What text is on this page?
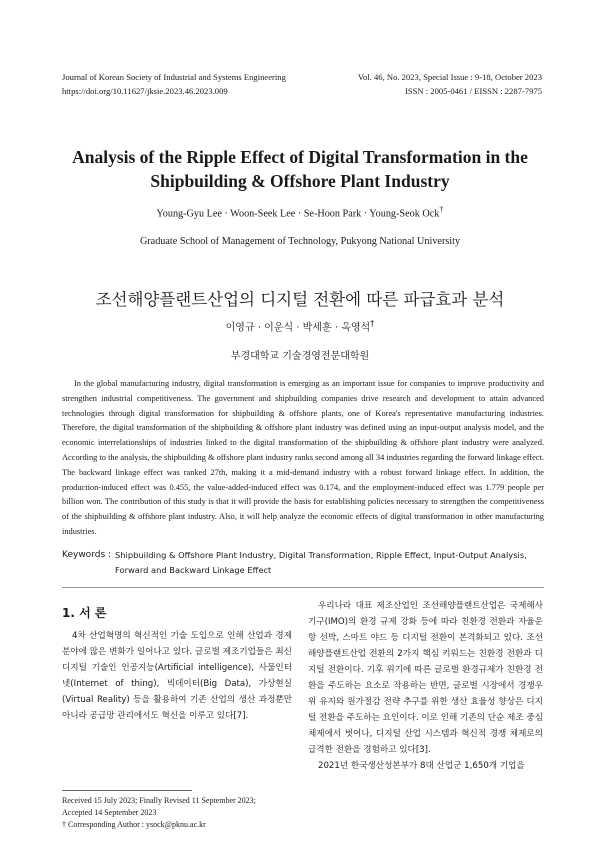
Journal of Korean Society of Industrial and Systems Engineering
https://doi.org/10.11627/jksie.2023.46.2023.009
Vol. 46, No. 2023, Special Issue : 9-18, October 2023
ISSN : 2005-0461 / EISSN : 2287-7975
Analysis of the Ripple Effect of Digital Transformation in the
Shipbuilding & Offshore Plant Industry
Young-Gyu Lee · Woon-Seek Lee · Se-Hoon Park · Young-Seok Ock†
Graduate School of Management of Technology, Pukyong National University
조선해양플랜트산업의 디지털 전환에 따른 파급효과 분석
이영규 · 이운식 · 박세훈 · 옥영석†
부경대학교 기술경영전문대학원

In the global manufacturing industry, digital transformation is emerging as an important issue for companies to improve productivity and strengthen industrial competitiveness. The government and shipbuilding companies drive research and development to attain advanced technologies through digital transformation for shipbuilding & offshore plants, one of Korea's representative manufacturing industries. Therefore, the digital transformation of the shipbuilding & offshore plant industry was defined using an input-output analysis model, and the economic interrelationships of industries linked to the digital transformation of the shipbuilding & offshore plant industry were analyzed. According to the analysis, the shipbuilding & offshore plant industry ranks second among all 34 industries regarding the forward linkage effect. The backward linkage effect was ranked 27th, making it a mid-demand industry with a robust forward linkage effect. In addition, the production-induced effect was 0.455, the value-added-induced effect was 0.174, and the employment-induced effect was 1.779 people per billion won. The contribution of this study is that it will provide the basis for establishing policies necessary to strengthen the competitiveness of the shipbuilding & offshore plant industry. Also, it will help analyze the economic effects of digital transformation in other manufacturing industries.

Keywords : Shipbuilding & Offshore Plant Industry, Digital Transformation, Ripple Effect, Input-Output Analysis, Forward and Backward Linkage Effect
1. 서 론

4차 산업혁명의 혁신적인 기술 도입으로 인해 산업과 경제 분야에 많은 변화가 일어나고 있다. 글로벌 제조기업들은 최신 디지털 기술인 인공지능(Artificial intelligence), 사물인터넷(Internet of thing), 빅데이터(Big Data), 가상현실(Virtual Reality) 등을 활용하여 기존 산업의 생산 과정뿐만 아니라 공급망 관리에서도 혁신을 이루고 있다[7].

우리나라 대표 제조산업인 조선해양플랜트산업은 국제해사기구(IMO)의 환경 규제 강화 등에 따라 친환경 전환과 자율운항 선박, 스마트 야드 등 디지털 전환이 본격화되고 있다. 조선해양플랜트산업 전환의 2가지 핵심 키워드는 친환경 전환과 디지털 전환이다. 기후 위기에 따른 글로벌 환경규제가 친환경 전환을 주도하는 요소로 작용하는 반면, 글로벌 시장에서 경쟁우위 유지와 원가절감 전략 추구를 위한 생산 효율성 향상은 디지털 전환을 주도하는 요인이다. 이로 인해 기존의 단순 제조 중심 체제에서 벗어나, 디지털 산업 시스템과 혁신적 경쟁 체제로의 급격한 전환을 경험하고 있다[3].

2021년 한국생산성본부가 8대 산업군 1,650개 기업을

Received 15 July 2023; Finally Revised 11 September 2023;
Accepted 14 September 2023
† Corresponding Author : ysock@pknu.ac.kr
